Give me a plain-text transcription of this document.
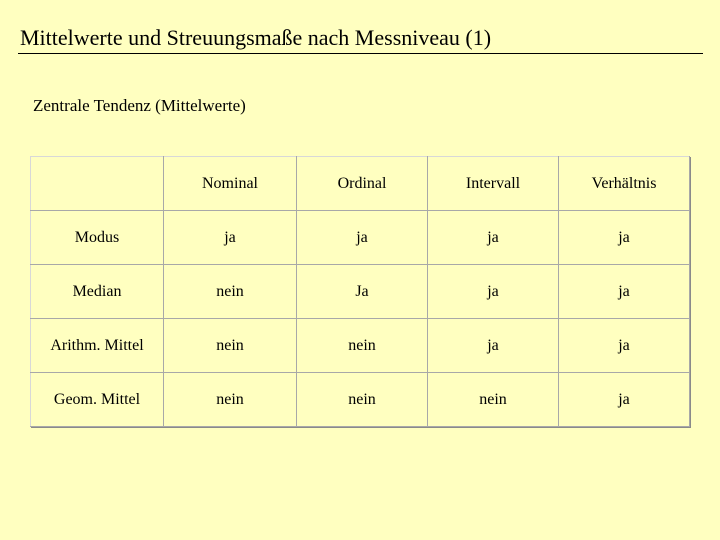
Mittelwerte und Streuungsmaße nach Messniveau (1)
Zentrale Tendenz (Mittelwerte)
	Nominal	Ordinal	Intervall	Verhältnis
Modus	ja	ja	ja	ja
Median	nein	Ja	ja	ja
Arithm. Mittel	nein	nein	ja	ja
Geom. Mittel	nein	nein	nein	ja
